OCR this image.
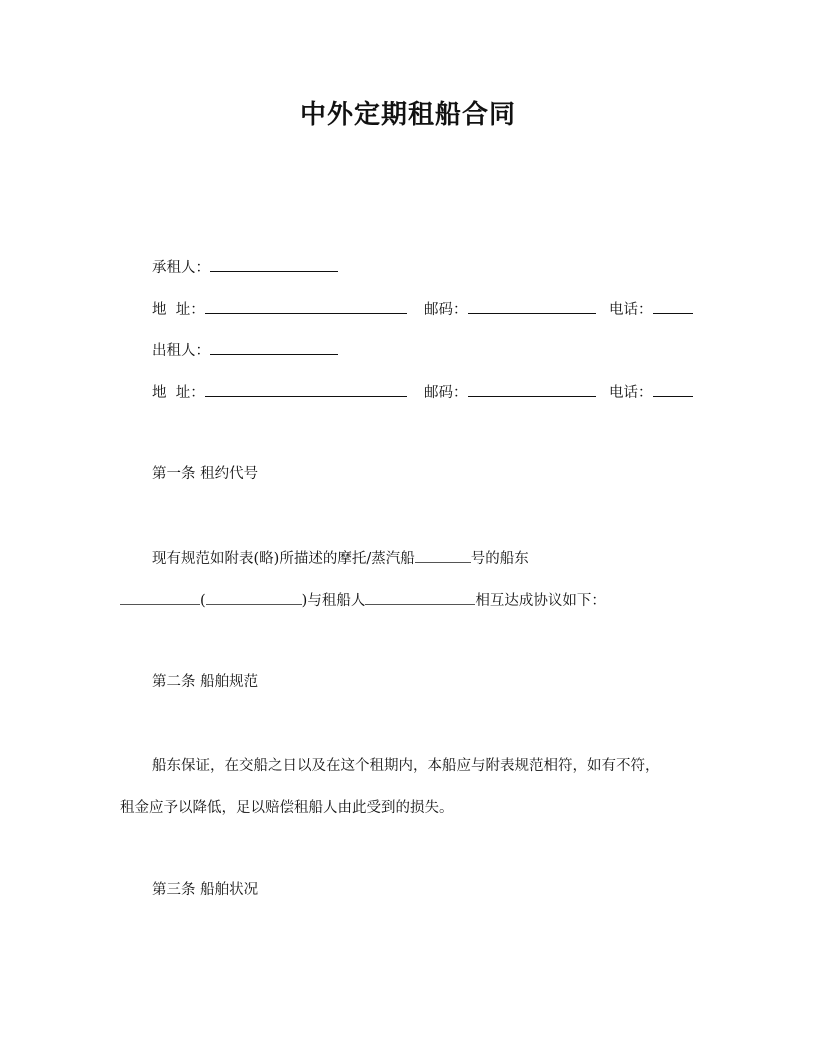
中外定期租船合同
承租人：
地  址：	邮码：	电话：
出租人：
地  址：	邮码：	电话：
第一条 租约代号
现有规范如附表(略)所描述的摩托/蒸汽船	号的船东
(	)与租船人	相互达成协议如下：
第二条 船舶规范
船东保证，在交船之日以及在这个租期内，本船应与附表规范相符，如有不符，
租金应予以降低，足以赔偿租船人由此受到的损失。
第三条 船舶状况
